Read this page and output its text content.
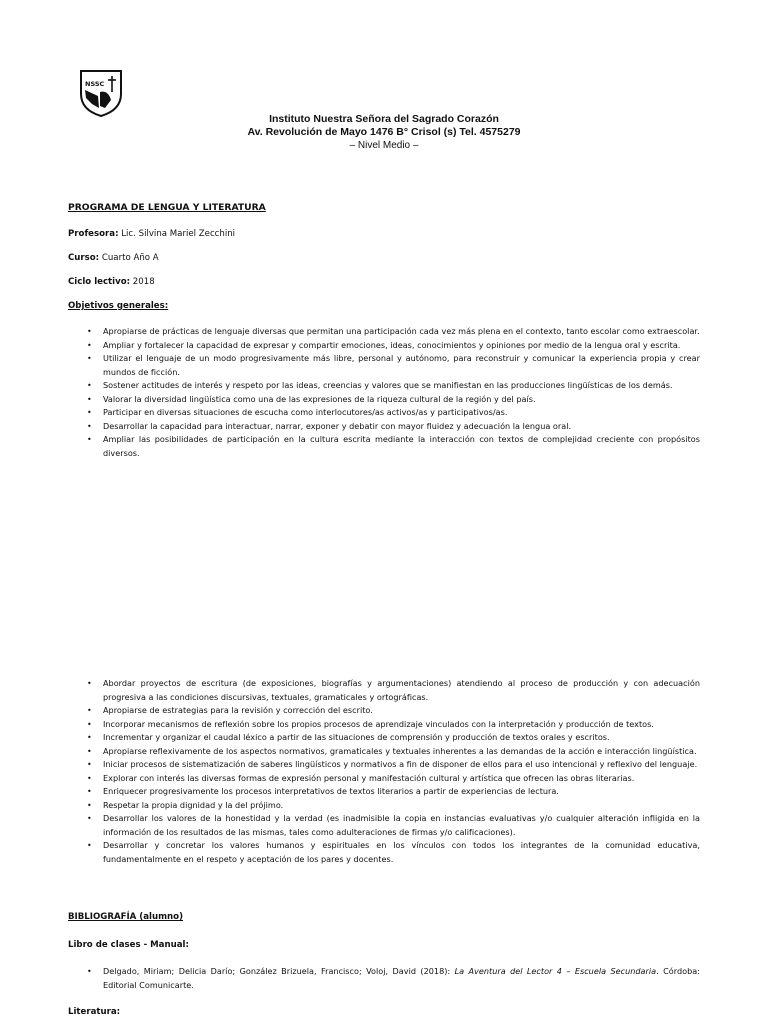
NSSC
Instituto Nuestra Señora del Sagrado Corazón
Av. Revolución de Mayo 1476 B° Crisol (s) Tel. 4575279
– Nivel Medio –
PROGRAMA DE LENGUA Y LITERATURA
Profesora: Lic. Silvina Mariel Zecchini
Curso: Cuarto Año A
Ciclo lectivo: 2018
Objetivos generales:
• Apropiarse de prácticas de lenguaje diversas que permitan una participación cada vez más plena en el contexto, tanto escolar como extraescolar.
• Ampliar y fortalecer la capacidad de expresar y compartir emociones, ideas, conocimientos y opiniones por medio de la lengua oral y escrita.
• Utilizar el lenguaje de un modo progresivamente más libre, personal y autónomo, para reconstruir y comunicar la experiencia propia y crear mundos de ficción.
• Sostener actitudes de interés y respeto por las ideas, creencias y valores que se manifiestan en las producciones lingüísticas de los demás.
• Valorar la diversidad lingüística como una de las expresiones de la riqueza cultural de la región y del país.
• Participar en diversas situaciones de escucha como interlocutores/as activos/as y participativos/as.
• Desarrollar la capacidad para interactuar, narrar, exponer y debatir con mayor fluidez y adecuación la lengua oral.
• Ampliar las posibilidades de participación en la cultura escrita mediante la interacción con textos de complejidad creciente con propósitos diversos.
• Abordar proyectos de escritura (de exposiciones, biografías y argumentaciones) atendiendo al proceso de producción y con adecuación progresiva a las condiciones discursivas, textuales, gramaticales y ortográficas.
• Apropiarse de estrategias para la revisión y corrección del escrito.
• Incorporar mecanismos de reflexión sobre los propios procesos de aprendizaje vinculados con la interpretación y producción de textos.
• Incrementar y organizar el caudal léxico a partir de las situaciones de comprensión y producción de textos orales y escritos.
• Apropiarse reflexivamente de los aspectos normativos, gramaticales y textuales inherentes a las demandas de la acción e interacción lingüística.
• Iniciar procesos de sistematización de saberes lingüísticos y normativos a fin de disponer de ellos para el uso intencional y reflexivo del lenguaje.
• Explorar con interés las diversas formas de expresión personal y manifestación cultural y artística que ofrecen las obras literarias.
• Enriquecer progresivamente los procesos interpretativos de textos literarios a partir de experiencias de lectura.
• Respetar la propia dignidad y la del prójimo.
• Desarrollar los valores de la honestidad y la verdad (es inadmisible la copia en instancias evaluativas y/o cualquier alteración infligida en la información de los resultados de las mismas, tales como adulteraciones de firmas y/o calificaciones).
• Desarrollar y concretar los valores humanos y espirituales en los vínculos con todos los integrantes de la comunidad educativa, fundamentalmente en el respeto y aceptación de los pares y docentes.
BIBLIOGRAFÍA (alumno)
Libro de clases - Manual:
• Delgado, Miriam; Delicia Darío; González Brizuela, Francisco; Voloj, David (2018): La Aventura del Lector 4 – Escuela Secundaria. Córdoba: Editorial Comunicarte.
Literatura:
